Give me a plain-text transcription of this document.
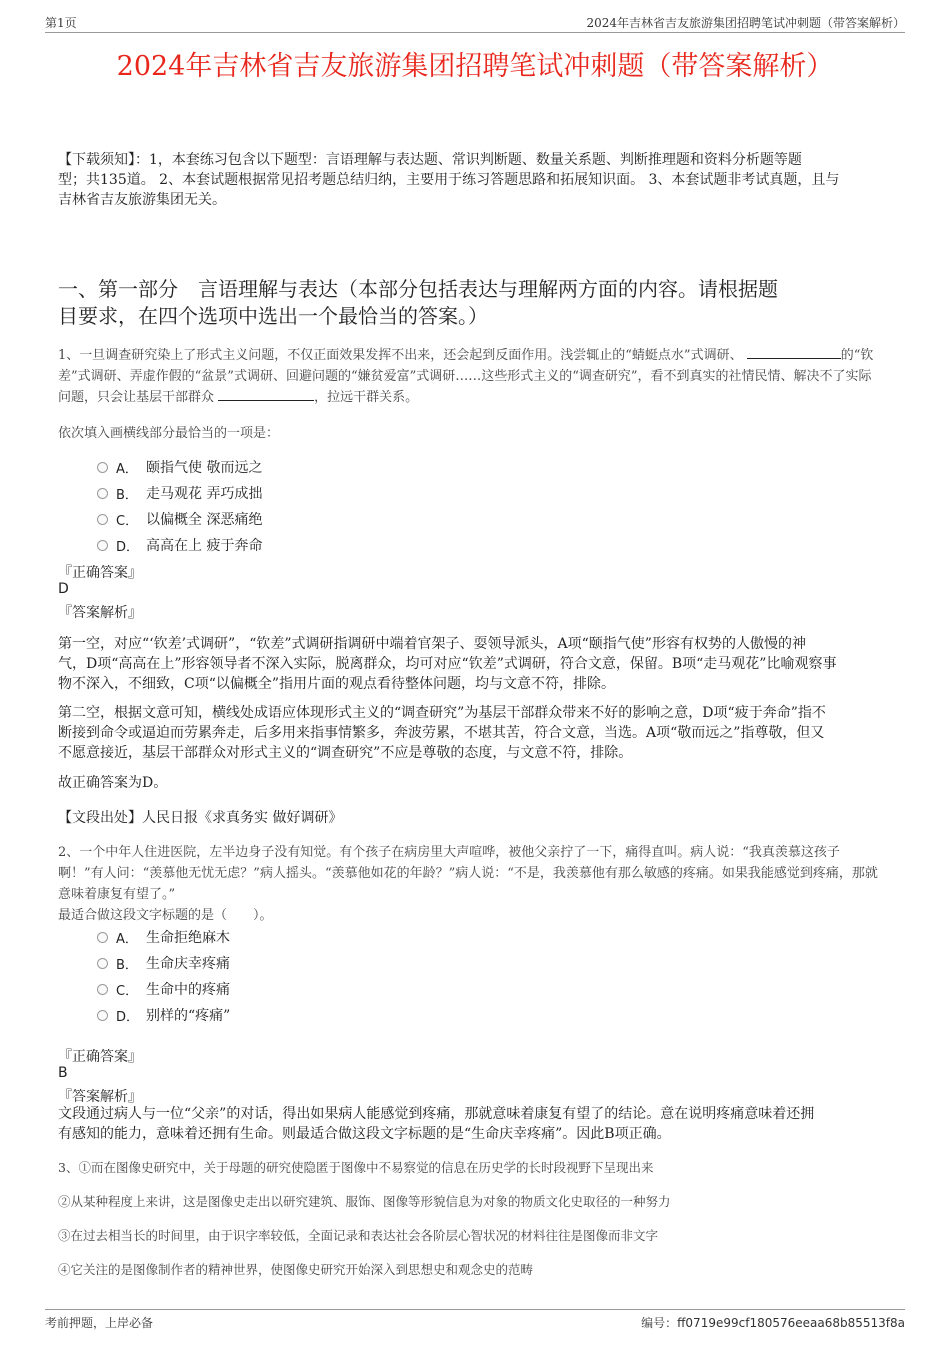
第1页	2024年吉林省吉友旅游集团招聘笔试冲刺题（带答案解析）
2024年吉林省吉友旅游集团招聘笔试冲刺题（带答案解析）
【下载须知】：1，本套练习包含以下题型：言语理解与表达题、常识判断题、数量关系题、判断推理题和资料分析题等题
型；共135道。 2、本套试题根据常见招考题总结归纳，主要用于练习答题思路和拓展知识面。 3、本套试题非考试真题，且与
吉林省吉友旅游集团无关。
一、第一部分　言语理解与表达（本部分包括表达与理解两方面的内容。请根据题
目要求，在四个选项中选出一个最恰当的答案。）
1、一旦调查研究染上了形式主义问题，不仅正面效果发挥不出来，还会起到反面作用。浅尝辄止的“蜻蜓点水”式调研、	的“钦
差”式调研、弄虚作假的“盆景”式调研、回避问题的“嫌贫爱富”式调研……这些形式主义的“调查研究”，看不到真实的社情民情、解决不了实际
问题，只会让基层干部群众	，拉远干群关系。
依次填入画横线部分最恰当的一项是：
A． 颐指气使 敬而远之
B． 走马观花 弄巧成拙
C． 以偏概全 深恶痛绝
D． 高高在上 疲于奔命
『正确答案』
D
『答案解析』
第一空，对应“‘钦差’式调研”，“钦差”式调研指调研中端着官架子、耍领导派头，A项“颐指气使”形容有权势的人傲慢的神
气，D项“高高在上”形容领导者不深入实际，脱离群众，均可对应“钦差”式调研，符合文意，保留。B项“走马观花”比喻观察事
物不深入，不细致，C项“以偏概全”指用片面的观点看待整体问题，均与文意不符，排除。
第二空，根据文意可知，横线处成语应体现形式主义的“调查研究”为基层干部群众带来不好的影响之意，D项“疲于奔命”指不
断接到命令或逼迫而劳累奔走，后多用来指事情繁多，奔波劳累，不堪其苦，符合文意，当选。A项“敬而远之”指尊敬，但又
不愿意接近，基层干部群众对形式主义的“调查研究”不应是尊敬的态度，与文意不符，排除。
故正确答案为D。
【文段出处】人民日报《求真务实 做好调研》
2、一个中年人住进医院，左半边身子没有知觉。有个孩子在病房里大声喧哗，被他父亲拧了一下，痛得直叫。病人说：“我真羡慕这孩子
啊！”有人问：“羡慕他无忧无虑？”病人摇头。“羡慕他如花的年龄？”病人说：“不是，我羡慕他有那么敏感的疼痛。如果我能感觉到疼痛，那就
意味着康复有望了。”
最适合做这段文字标题的是（　　）。
A． 生命拒绝麻木
B． 生命庆幸疼痛
C． 生命中的疼痛
D． 别样的“疼痛”
『正确答案』
B
『答案解析』
文段通过病人与一位“父亲”的对话，得出如果病人能感觉到疼痛，那就意味着康复有望了的结论。意在说明疼痛意味着还拥
有感知的能力，意味着还拥有生命。则最适合做这段文字标题的是“生命庆幸疼痛”。因此B项正确。
3、①而在图像史研究中，关于母题的研究使隐匿于图像中不易察觉的信息在历史学的长时段视野下呈现出来
②从某种程度上来讲，这是图像史走出以研究建筑、服饰、图像等形貌信息为对象的物质文化史取径的一种努力
③在过去相当长的时间里，由于识字率较低，全面记录和表达社会各阶层心智状况的材料往往是图像而非文字
④它关注的是图像制作者的精神世界，使图像史研究开始深入到思想史和观念史的范畴
考前押题，上岸必备	编号：ff0719e99cf180576eeaa68b85513f8a
